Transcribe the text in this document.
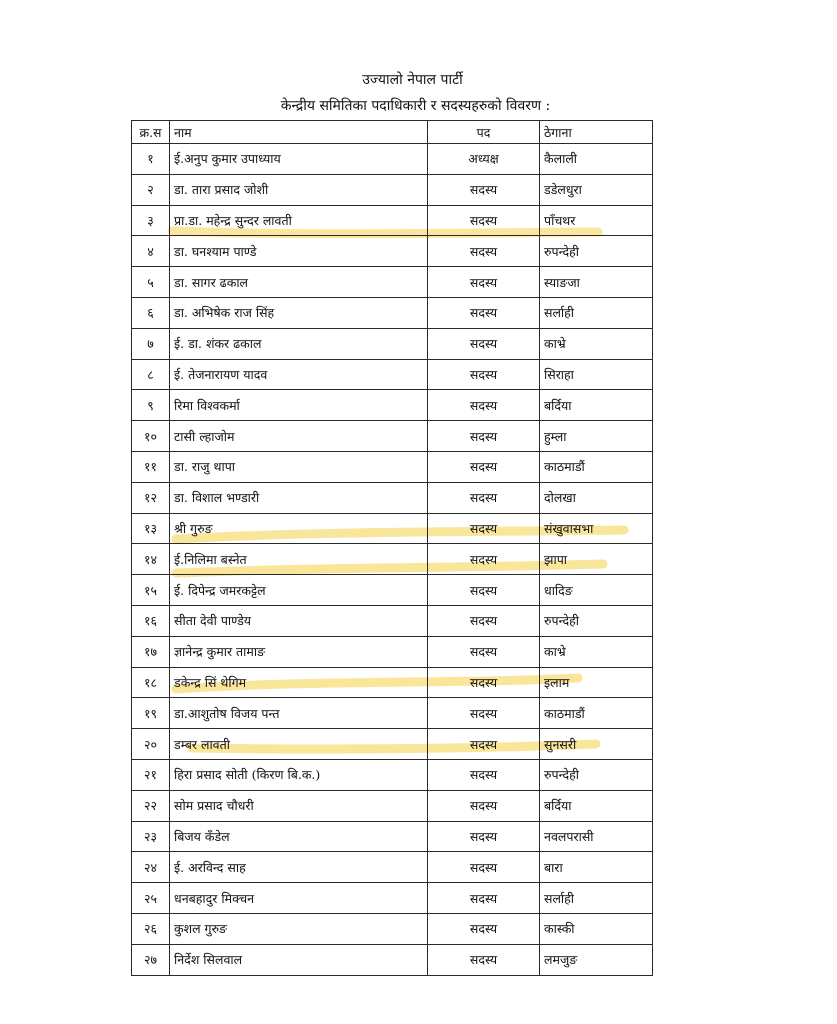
उज्यालो नेपाल पार्टी
केन्द्रीय समितिका पदाधिकारी र सदस्यहरुको विवरण :
क्र.स	नाम	पद	ठेगाना
१	ई.अनुप कुमार उपाध्याय	अध्यक्ष	कैलाली
२	डा. तारा प्रसाद जोशी	सदस्य	डडेलधुरा
३	प्रा.डा. महेन्द्र सुन्दर लावती	सदस्य	पाँचथर
४	डा. घनश्याम पाण्डे	सदस्य	रुपन्देही
५	डा. सागर ढकाल	सदस्य	स्याङजा
६	डा. अभिषेक राज सिंह	सदस्य	सर्लाही
७	ई. डा. शंकर ढकाल	सदस्य	काभ्रे
८	ई. तेजनारायण यादव	सदस्य	सिराहा
९	रिमा विश्वकर्मा	सदस्य	बर्दिया
१०	टासी ल्हाजोम	सदस्य	हुम्ला
११	डा. राजु थापा	सदस्य	काठमाडौं
१२	डा. विशाल भण्डारी	सदस्य	दोलखा
१३	श्री गुरुङ	सदस्य	संखुवासभा
१४	ई.निलिमा बस्नेत	सदस्य	झापा
१५	ई. दिपेन्द्र जमरकट्टेल	सदस्य	धादिङ
१६	सीता देवी पाण्डेय	सदस्य	रुपन्देही
१७	ज्ञानेन्द्र कुमार तामाङ	सदस्य	काभ्रे
१८	डकेन्द्र सिं थेगिम	सदस्य	इलाम
१९	डा.आशुतोष विजय पन्त	सदस्य	काठमाडौं
२०	डम्बर लावती	सदस्य	सुनसरी
२१	हिरा प्रसाद सोती (किरण बि.क.)	सदस्य	रुपन्देही
२२	सोम प्रसाद चौधरी	सदस्य	बर्दिया
२३	बिजय कँडेल	सदस्य	नवलपरासी
२४	ई. अरविन्द साह	सदस्य	बारा
२५	धनबहादुर मिक्चन	सदस्य	सर्लाही
२६	कुशल गुरुङ	सदस्य	कास्की
२७	निर्देश सिलवाल	सदस्य	लमजुङ
